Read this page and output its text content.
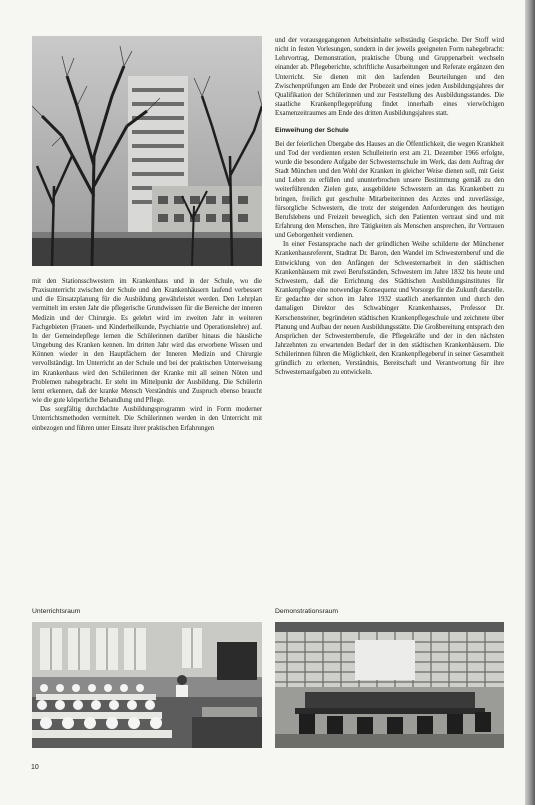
mit den Stationsschwestern im Krankenhaus und in der Schule, wo die Praxisunterricht zwischen der Schule und den Krankenhäusern laufend verbessert und die Einsatzplanung für die Ausbildung gewährleistet werden. Den Lehrplan vermittelt im ersten Jahr die pflegerische Grundwissen für die Bereiche der inneren Medizin und der Chirurgie. Es gelehrt wird im zweiten Jahr in weiteren Fachgebieten (Frauen- und Kinderheilkunde, Psychiatrie und Operationslehre) auf. In der Gemeindepflege lernen die Schülerinnen darüber hinaus die häusliche Umgebung des Kranken kennen. Im dritten Jahr wird das erworbene Wissen und Können wieder in den Hauptfächern der Inneren Medizin und Chirurgie vervollständigt. Im Unterricht an der Schule und bei der praktischen Unterweisung im Krankenhaus wird den Schülerinnen der Kranke mit all seinen Nöten und Problemen nahegebracht. Er steht im Mittelpunkt der Ausbildung. Die Schülerin lernt erkennen, daß der kranke Mensch Verständnis und Zuspruch ebenso braucht wie die gute körperliche Behandlung und Pflege.

Das sorgfältig durchdachte Ausbildungsprogramm wird in Form moderner Unterrichtsmethoden vermittelt. Die Schülerinnen werden in den Unterricht mit einbezogen und führen unter Einsatz ihrer praktischen Erfahrungen

und der vorausgegangenen Arbeitsinhalte selbständig Gespräche. Der Stoff wird nicht in festen Vorlesungen, sondern in der jeweils geeigneten Form nahegebracht: Lehrvortrag, Demonstration, praktische Übung und Gruppenarbeit wechseln einander ab. Pflegeberichte, schriftliche Ausarbeitungen und Referate ergänzen den Unterricht. Sie dienen mit den laufenden Beurteilungen und den Zwischenprüfungen am Ende der Probezeit und eines jeden Ausbildungsjahres der Qualifikation der Schülerinnen und zur Feststellung des Ausbildungsstandes. Die staatliche Krankenpflegeprüfung findet innerhalb eines vierwöchigen Examenzeitraumes am Ende des dritten Ausbildungsjahres statt.

Einweihung der Schule

Bei der feierlichen Übergabe des Hauses an die Öffentlichkeit, die wegen Krankheit und Tod der verdienten ersten Schulleiterin erst am 21. Dezember 1966 erfolgte, wurde die besondere Aufgabe der Schwesternschule im Werk, das dem Auftrag der Stadt München und den Wohl der Kranken in gleicher Weise dienen soll, mit Geist und Leben zu erfüllen und ununterbrochen unsere Bestimmung gemäß zu den weiterführenden Zielen gute, ausgebildete Schwestern an das Krankenbett zu bringen, freilich gut geschulte Mitarbeiterinnen des Arztes und zuverlässige, fürsorgliche Schwestern, die trotz der steigenden Anforderungen des heutigen Berufslebens und Freizeit beweglich, sich den Patienten vertraut sind und mit Erfahrung den Menschen, ihre Tätigkeiten als Menschen ansprechen, ihr Vertrauen und Geborgenheit verdienen.

In einer Festansprache nach der gründlichen Weihe schilderte der Münchener Krankenhausreferent, Stadtrat Dr. Baron, den Wandel im Schwesternberuf und die Entwicklung von den Anfängen der Schwesternarbeit in den städtischen Krankenhäusern mit zwei Berufsständen, Schwestern im Jahre 1832 bis heute und Schwestern, daß die Errichtung des Städtischen Ausbildungsinstitutes für Krankenpflege eine notwendige Konsequenz und Vorsorge für die Zukunft darstelle. Er gedachte der schon im Jahre 1932 staatlich anerkannten und durch den damaligen Direktor des Schwabinger Krankenhauses, Professor Dr. Kerschensteiner, begründeten städtischen Krankenpflegeschule und zeichnete über Planung und Aufbau der neuen Ausbildungsstätte. Die Großbereitung entsprach den Ansprüchen der Schwesternberufe, die Pflegekräfte und der in den nächsten Jahrzehnten zu erwartenden Bedarf der in den städtischen Krankenhäusern. Die Schülerinnen führen die Möglichkeit, den Krankenpflegeberuf in seiner Gesamtheit gründlich zu erlernen, Verständnis, Bereitschaft und Verantwortung für ihre Schwesternaufgaben zu entwickeln.

Unterrichtsraum	Demonstrationsraum
10
